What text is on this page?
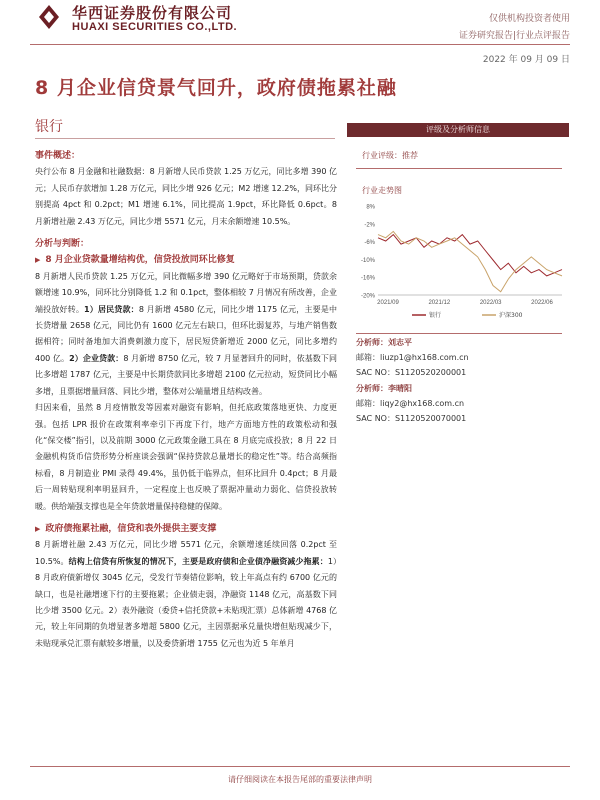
华西证券股份有限公司
HUAXI SECURITIES CO.,LTD.
仅供机构投资者使用
证券研究报告|行业点评报告
2022 年 09 月 09 日
8 月企业信贷景气回升，政府债拖累社融
银行

事件概述：

央行公布 8 月金融和社融数据：8 月新增人民币贷款 1.25 万亿元，同比多增 390 亿元；人民币存款增加 1.28 万亿元，同比少增 926 亿元；M2 增速 12.2%，同环比分别提高 4pct 和 0.2pct；M1 增速 6.1%，同比提高 1.9pct，环比降低 0.6pct。8 月新增社融 2.43 万亿元，同比少增 5571 亿元，月末余额增速 10.5%。

分析与判断：

▶ 8 月企业贷款量增结构优，信贷投放同环比修复

8 月新增人民币贷款 1.25 万亿元，同比微幅多增 390 亿元略好于市场预期，贷款余额增速 10.9%，同环比分别降低 1.2 和 0.1pct，整体相较 7 月情况有所改善，企业端投放好转。1）居民贷款：8 月新增 4580 亿元，同比少增 1175 亿元，主要是中长贷增量 2658 亿元，同比仍有 1600 亿元左右缺口，但环比弱复苏，与地产销售数据相符；同时备地加大消费刺激力度下，居民短贷新增近 2000 亿元，同比多增约 400 亿。2）企业贷款：8 月新增 8750 亿元，较 7 月显著回升的同时，依基数下同比多增超 1787 亿元，主要是中长期贷款同比多增超 2100 亿元拉动，短贷同比小幅多增，且票据增量回落、同比少增，整体对公端量增且结构改善。

归因来看，虽然 8 月疫情散发等因素对融资有影响，但托底政策落地更快、力度更强。包括 LPR 报价在政策利率牵引下再度下行，地产方面地方性的政策松动和强化“保交楼”指引，以及前期 3000 亿元政策金融工具在 8 月底完成投放；8 月 22 日金融机构货币信贷形势分析座谈会强调“保持贷款总量增长的稳定性”等。结合高频指标看，8 月制造业 PMI 录得 49.4%，虽仍低于临界点，但环比回升 0.4pct；8 月最后一周转贴现利率明显回升，一定程度上也反映了票据冲量动力弱化、信贷投放转暖。供给端强支撑也是全年贷款增量保持稳健的保障。

▶ 政府债拖累社融，信贷和表外提供主要支撑

8 月新增社融 2.43 万亿元，同比少增 5571 亿元，余额增速延续回落 0.2pct 至 10.5%。结构上信贷有所恢复的情况下，主要是政府债和企业债净融资减少拖累：1）8 月政府债新增仅 3045 亿元，受发行节奏错位影响，较上年高点有约 6700 亿元的缺口，也是社融增速下行的主要拖累；企业债走弱，净融资 1148 亿元，高基数下同比少增 3500 亿元。2）表外融资（委贷+信托贷款+未贴现汇票）总体新增 4768 亿元，较上年同期的负增显著多增超 5800 亿元，主因票据承兑量快增但贴现减少下，未贴现承兑汇票有献较多增量，以及委贷新增 1755 亿元也为近 5 年单月

评级及分析师信息
行业评级：推荐
行业走势图
8%
-2%
-6%
-10%
-16%
-20%
2021/09	2021/12	2022/03	2022/06
银行	沪深300
分析师：刘志平
邮箱：liuzp1@hx168.com.cn
SAC NO：S1120520200001
分析师：李晴阳
邮箱：liqy2@hx168.com.cn
SAC NO：S1120520070001
请仔细阅读在本报告尾部的重要法律声明
